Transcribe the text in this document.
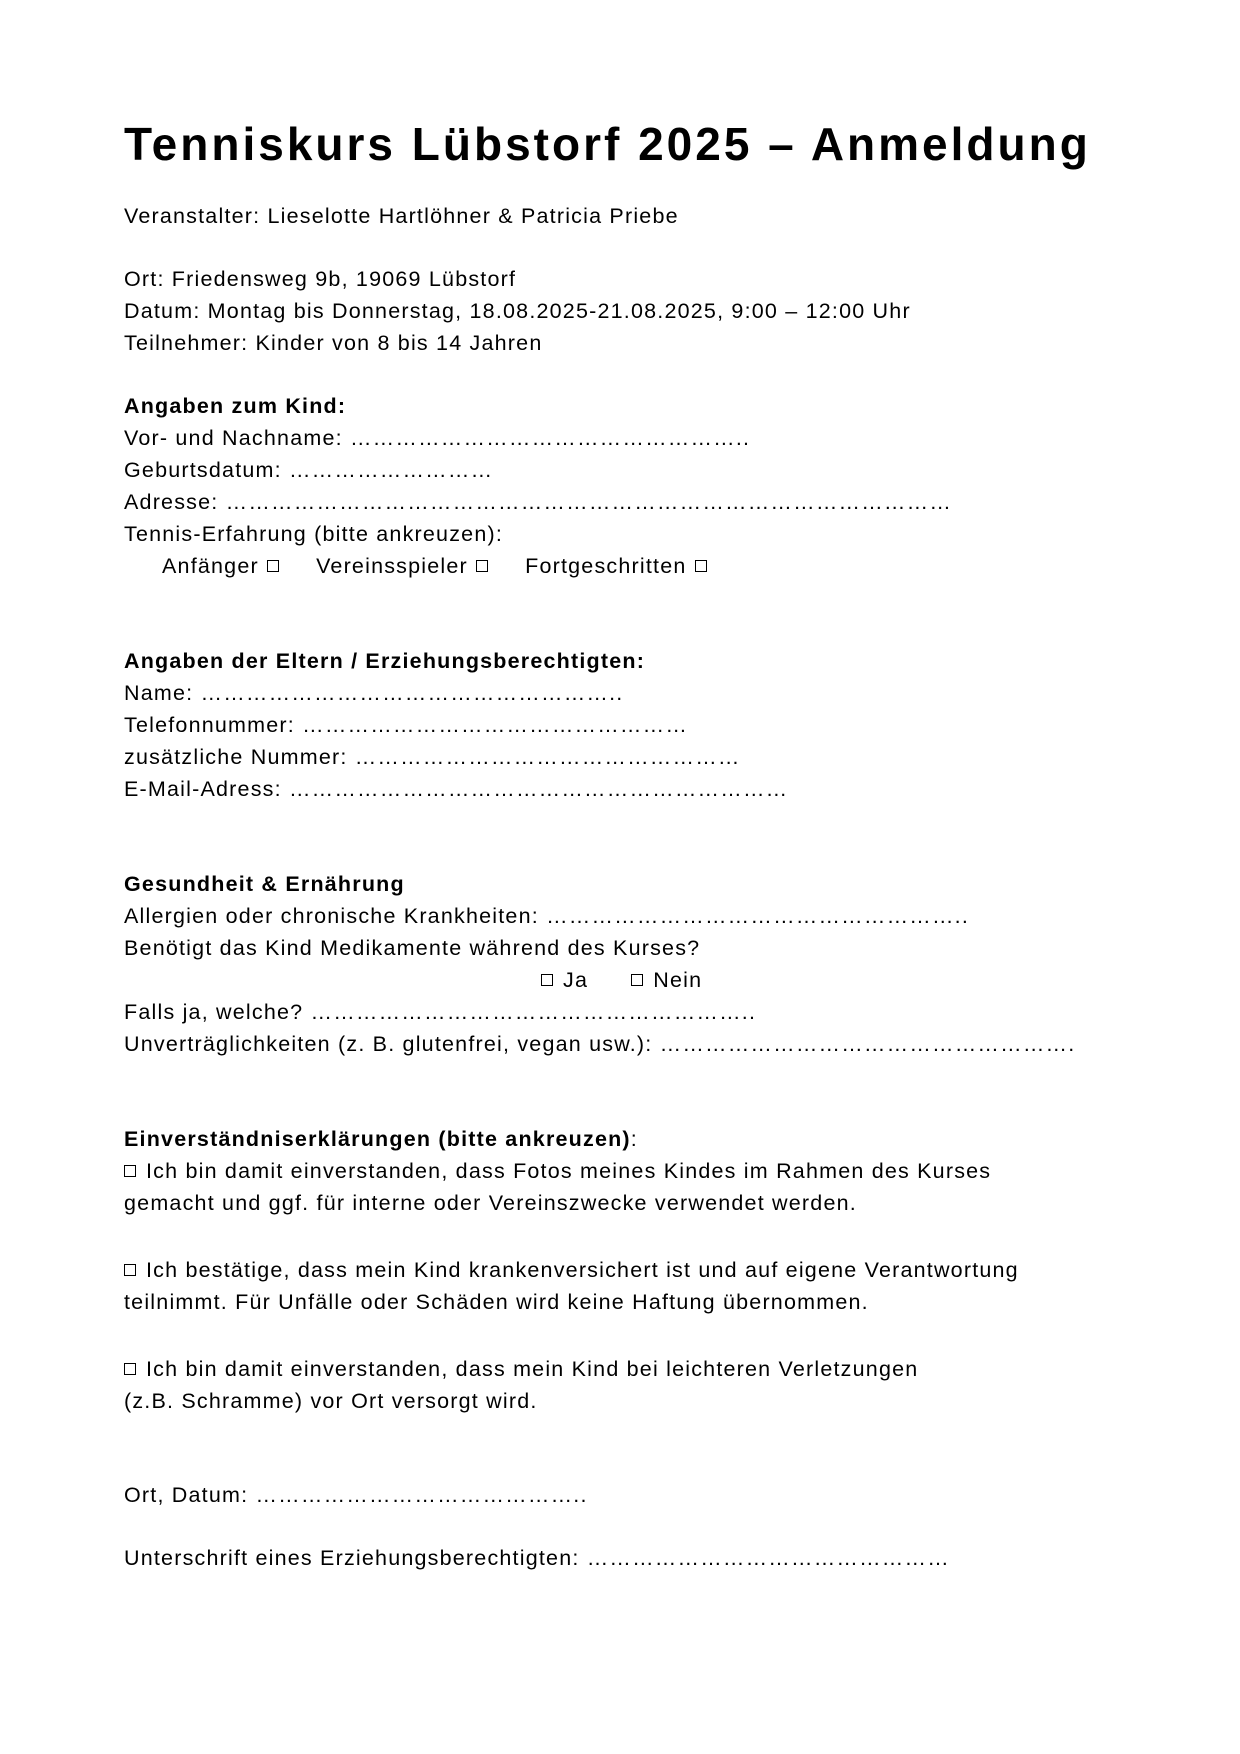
Tenniskurs Lübstorf 2025 – Anmeldung
Veranstalter: Lieselotte Hartlöhner & Patricia Priebe
Ort: Friedensweg 9b, 19069 Lübstorf
Datum: Montag bis Donnerstag, 18.08.2025-21.08.2025, 9:00 – 12:00 Uhr
Teilnehmer: Kinder von 8 bis 14 Jahren
Angaben zum Kind:
Vor- und Nachname: ……………………………………………..
Geburtsdatum: ………………………
Adresse: ……………………………………………………………………………………
Tennis-Erfahrung (bitte ankreuzen):
Anfänger	Vereinsspieler	Fortgeschritten
Angaben der Eltern / Erziehungsberechtigten:
Name: ………………………………………………..
Telefonnummer: ……………………………………………
zusätzliche Nummer: ……………………………………………
E-Mail-Adress: …………………………………………………………
Gesundheit & Ernährung
Allergien oder chronische Krankheiten: ………………………………………………..
Benötigt das Kind Medikamente während des Kurses?
Ja	Nein
Falls ja, welche? …………………………………………………..
Unverträglichkeiten (z. B. glutenfrei, vegan usw.): ……………………………………………….
Einverständniserklärungen (bitte ankreuzen):
Ich bin damit einverstanden, dass Fotos meines Kindes im Rahmen des Kurses
gemacht und ggf. für interne oder Vereinszwecke verwendet werden.
Ich bestätige, dass mein Kind krankenversichert ist und auf eigene Verantwortung
teilnimmt. Für Unfälle oder Schäden wird keine Haftung übernommen.
Ich bin damit einverstanden, dass mein Kind bei leichteren Verletzungen
(z.B. Schramme) vor Ort versorgt wird.
Ort, Datum: ……………………………………..
Unterschrift eines Erziehungsberechtigten: …………………………………………
